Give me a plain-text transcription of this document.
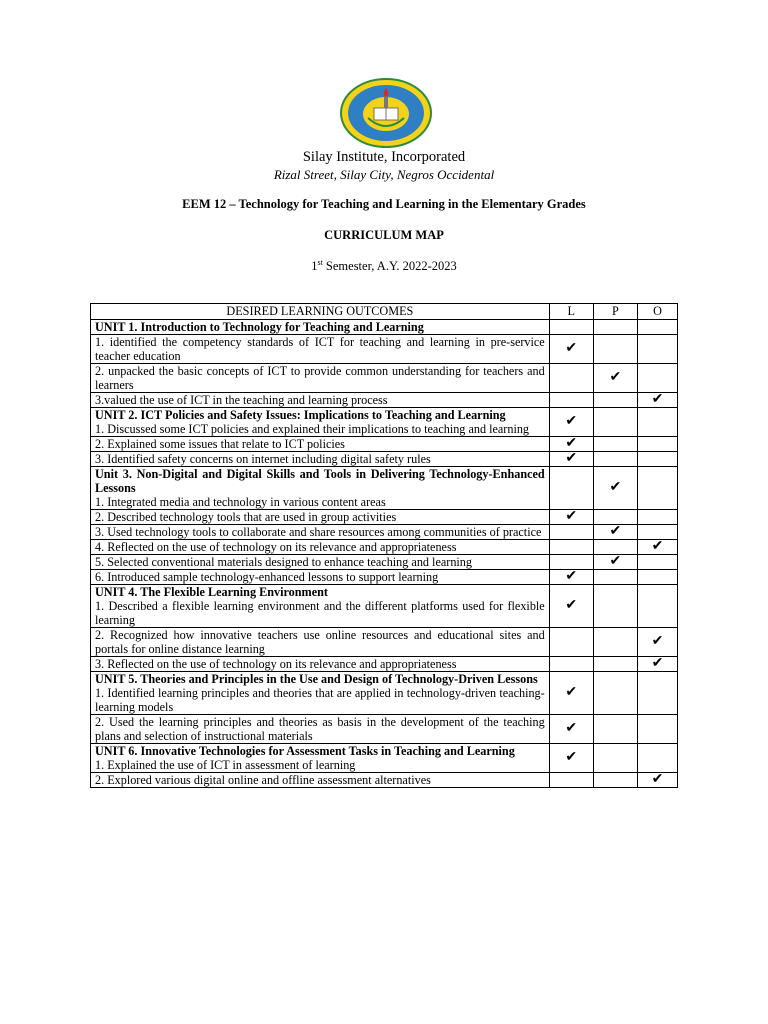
Silay Institute, Incorporated
Rizal Street, Silay City, Negros Occidental
EEM 12 – Technology for Teaching and Learning in the Elementary Grades
CURRICULUM MAP
1st Semester, A.Y. 2022-2023
DESIRED LEARNING OUTCOMES	L	P	O

UNIT 1. Introduction to Technology for Teaching and Learning			

1. identified the competency standards of ICT for teaching and learning in pre-service teacher education	✔		

2. unpacked the basic concepts of ICT to provide common understanding for teachers and learners		✔	

3.valued the use of ICT in the teaching and learning process			✔

UNIT 2. ICT Policies and Safety Issues: Implications to Teaching and Learning
1. Discussed some ICT policies and explained their implications to teaching and learning	✔		

2. Explained some issues that relate to ICT policies	✔		

3. Identified safety concerns on internet including digital safety rules	✔		

Unit 3. Non-Digital and Digital Skills and Tools in Delivering Technology-Enhanced Lessons
1. Integrated media and technology in various content areas		✔	

2. Described technology tools that are used in group activities	✔		

3. Used technology tools to collaborate and share resources among communities of practice		✔	

4. Reflected on the use of technology on its relevance and appropriateness			✔

5. Selected conventional materials designed to enhance teaching and learning		✔	

6. Introduced sample technology-enhanced lessons to support learning	✔		

UNIT 4. The Flexible Learning Environment
1. Described a flexible learning environment and the different platforms used for flexible learning	✔		

2. Recognized how innovative teachers use online resources and educational sites and portals for online distance learning			✔

3. Reflected on the use of technology on its relevance and appropriateness			✔

UNIT 5. Theories and Principles in the Use and Design of Technology-Driven Lessons
1. Identified learning principles and theories that are applied in technology-driven teaching-learning models	✔		

2. Used the learning principles and theories as basis in the development of the teaching plans and selection of instructional materials	✔		

UNIT 6. Innovative Technologies for Assessment Tasks in Teaching and Learning
1. Explained the use of ICT in assessment of learning	✔		

2. Explored various digital online and offline assessment alternatives			✔
